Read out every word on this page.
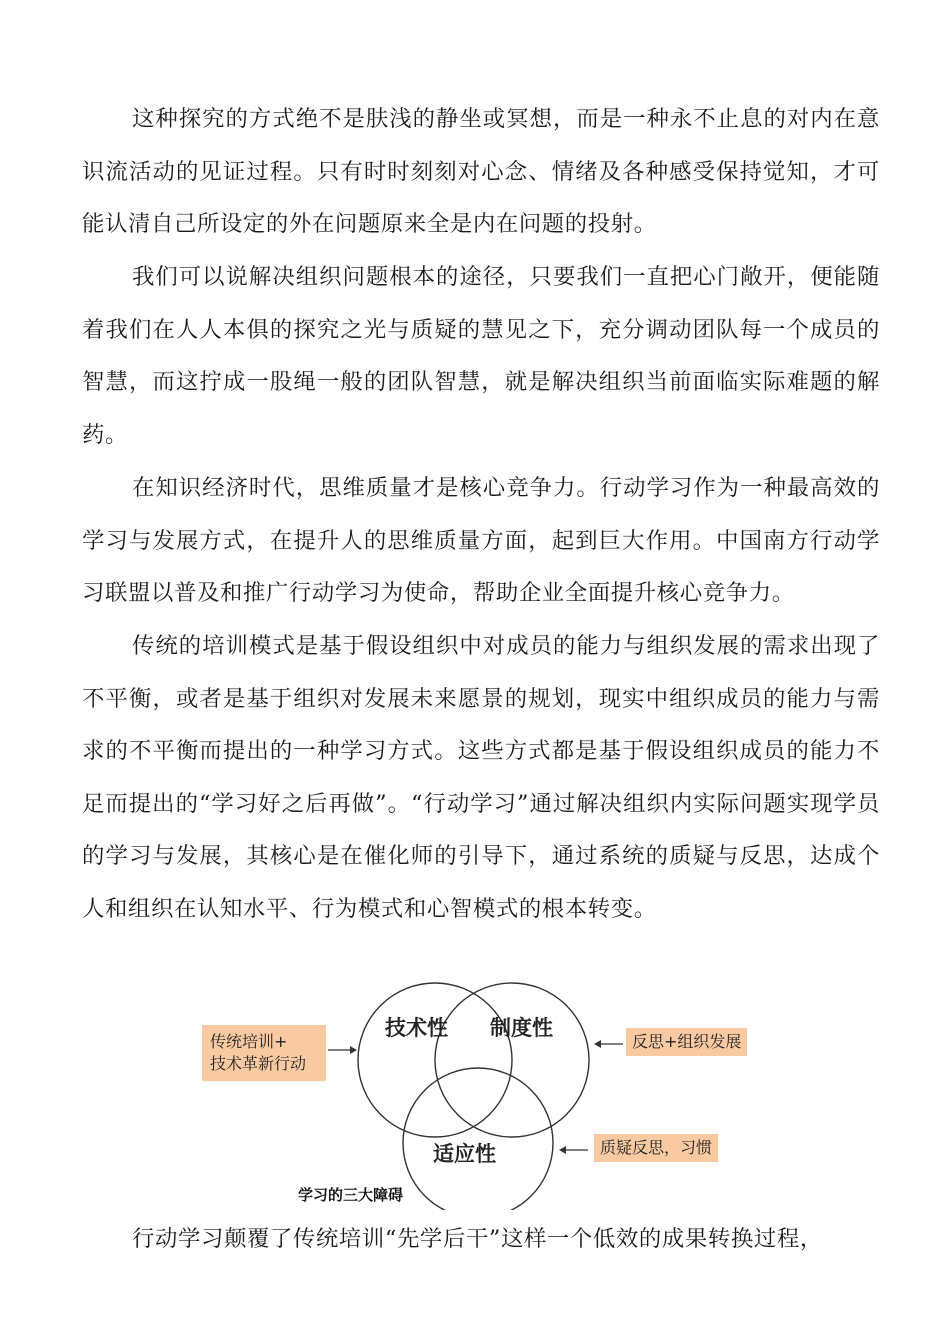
这种探究的方式绝不是肤浅的静坐或冥想，而是一种永不止息的对内在意识流活动的见证过程。只有时时刻刻对心念、情绪及各种感受保持觉知，才可能认清自己所设定的外在问题原来全是内在问题的投射。

我们可以说解决组织问题根本的途径，只要我们一直把心门敞开，便能随着我们在人人本俱的探究之光与质疑的慧见之下，充分调动团队每一个成员的智慧，而这拧成一股绳一般的团队智慧，就是解决组织当前面临实际难题的解药。

在知识经济时代，思维质量才是核心竞争力。行动学习作为一种最高效的学习与发展方式，在提升人的思维质量方面，起到巨大作用。中国南方行动学习联盟以普及和推广行动学习为使命，帮助企业全面提升核心竞争力。

传统的培训模式是基于假设组织中对成员的能力与组织发展的需求出现了不平衡，或者是基于组织对发展未来愿景的规划，现实中组织成员的能力与需求的不平衡而提出的一种学习方式。这些方式都是基于假设组织成员的能力不足而提出的“学习好之后再做”。“行动学习”通过解决组织内实际问题实现学员的学习与发展，其核心是在催化师的引导下，通过系统的质疑与反思，达成个人和组织在认知水平、行为模式和心智模式的根本转变。

传统培训+
技术革新行动
反思+组织发展
质疑反思，习惯
技术性 制度性
适应性
学习的三大障碍

行动学习颠覆了传统培训“先学后干”这样一个低效的成果转换过程，
